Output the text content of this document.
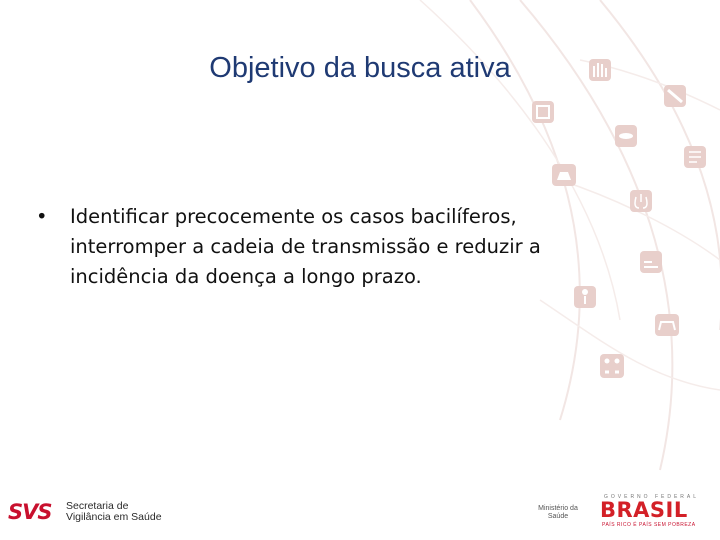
Objetivo da busca ativa
• Identificar precocemente os casos bacilíferos, interromper a cadeia de transmissão e reduzir a incidência da doença a longo prazo.
SVS	Secretaria de
Vigilância em Saúde
Ministério da
Saúde
GOVERNO FEDERAL
BRASIL
PAÍS RICO É PAÍS SEM POBREZA
